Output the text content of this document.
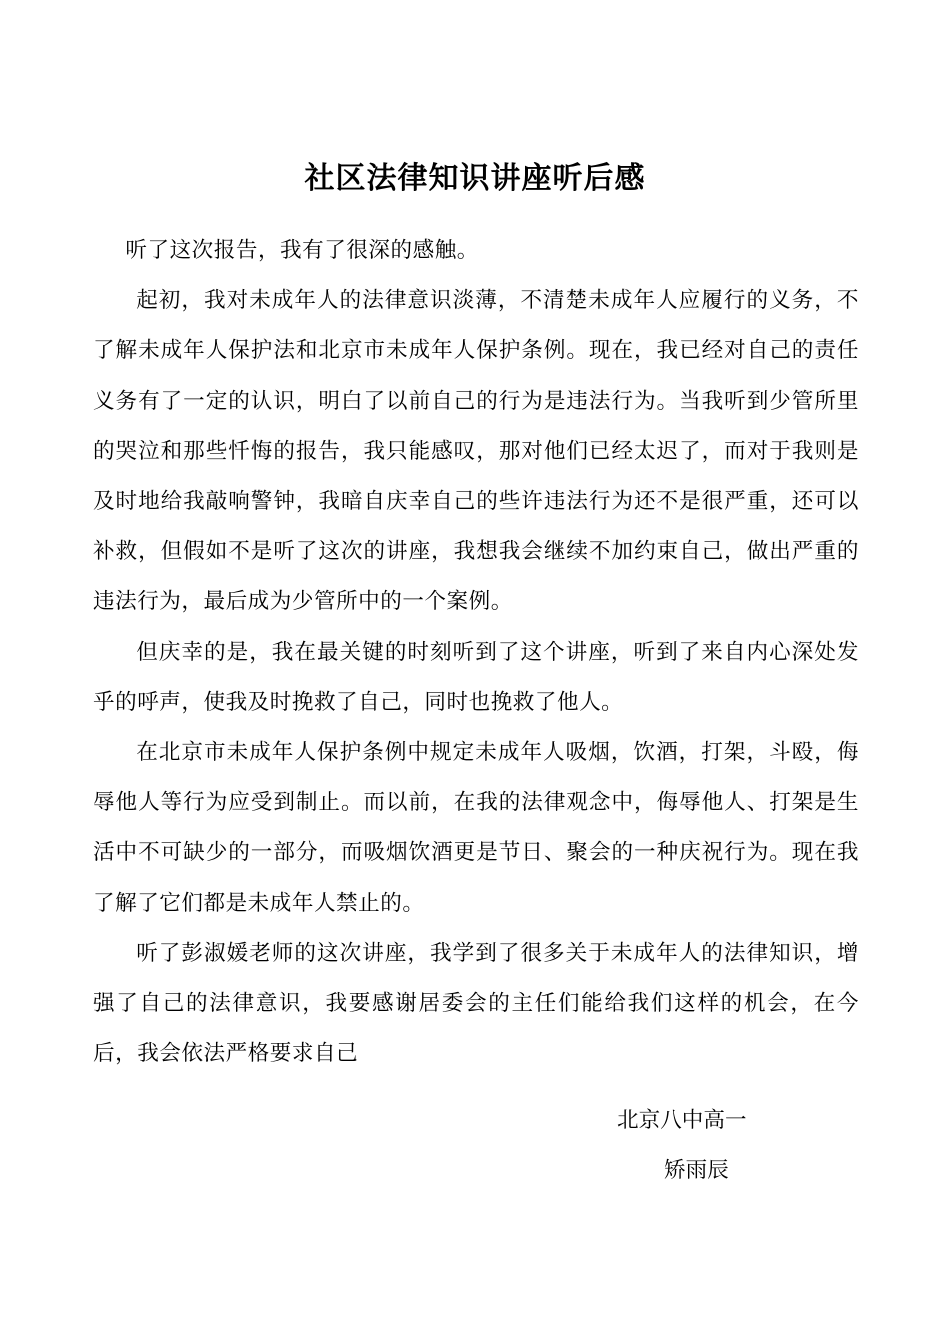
社区法律知识讲座听后感

听了这次报告，我有了很深的感触。

起初，我对未成年人的法律意识淡薄，不清楚未成年人应履行的义务，不了解未成年人保护法和北京市未成年人保护条例。现在，我已经对自己的责任义务有了一定的认识，明白了以前自己的行为是违法行为。当我听到少管所里的哭泣和那些忏悔的报告，我只能感叹，那对他们已经太迟了，而对于我则是及时地给我敲响警钟，我暗自庆幸自己的些许违法行为还不是很严重，还可以补救，但假如不是听了这次的讲座，我想我会继续不加约束自己，做出严重的违法行为，最后成为少管所中的一个案例。

但庆幸的是，我在最关键的时刻听到了这个讲座，听到了来自内心深处发乎的呼声，使我及时挽救了自己，同时也挽救了他人。

在北京市未成年人保护条例中规定未成年人吸烟，饮酒，打架，斗殴，侮辱他人等行为应受到制止。而以前，在我的法律观念中，侮辱他人、打架是生活中不可缺少的一部分，而吸烟饮酒更是节日、聚会的一种庆祝行为。现在我了解了它们都是未成年人禁止的。

听了彭淑媛老师的这次讲座，我学到了很多关于未成年人的法律知识，增强了自己的法律意识，我要感谢居委会的主任们能给我们这样的机会，在今后，我会依法严格要求自己

北京八中高一
矫雨辰
